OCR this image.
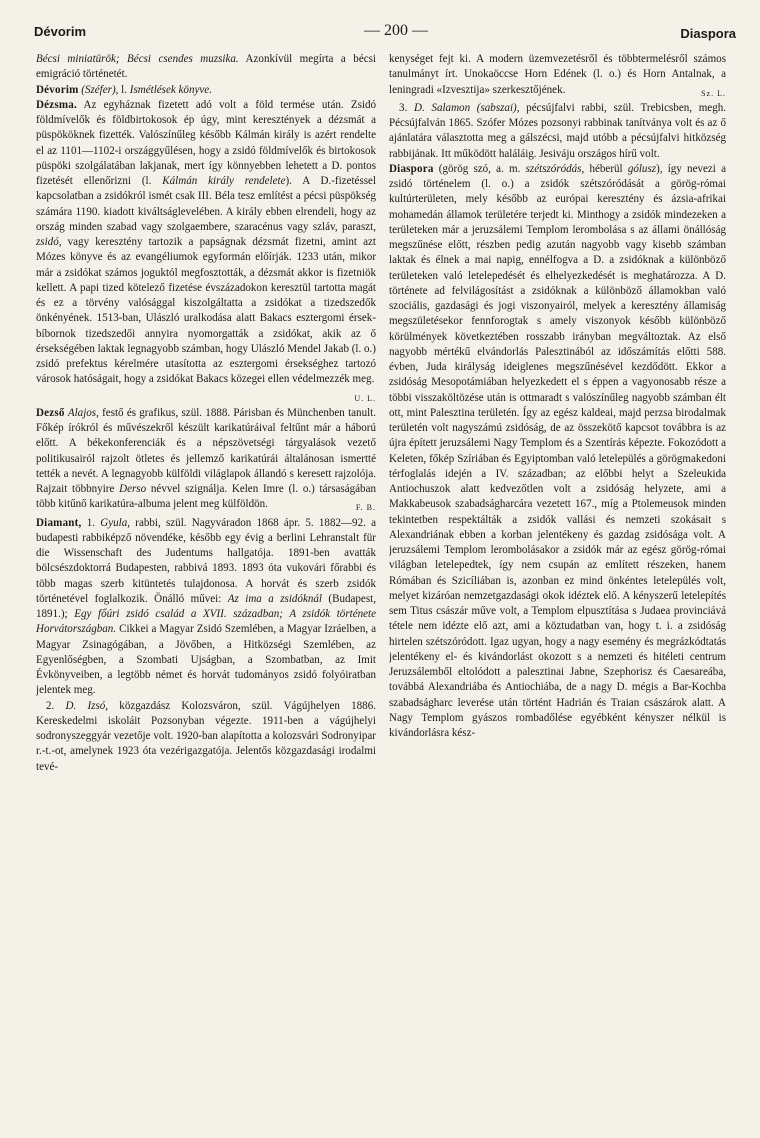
Dévorim	— 200 —	Diaspora

Bécsi miniatürök; Bécsi csendes muzsika. Azonkívül megírta a bécsi emigráció történetét.

Dévorim (Széfer), l. Ismétlések könyve.

Dézsma. Az egyháznak fizetett adó volt a föld termése után. Zsidó földmívelők és földbirtokosok ép úgy, mint keresztények a dézsmát a püspököknek fizették. Valószínűleg később Kálmán király is azért rendelte el az 1101—1102-i országgyűlésen, hogy a zsidó földmívelők és birtokosok püspöki szolgálatában lakjanak, mert így könnyebben lehetett a D. pontos fizetését ellenőrizni (l. Kálmán király rendelete). A D.-fizetéssel kapcsolatban a zsidókról ismét csak III. Béla tesz említést a pécsi püspökség számára 1190. kiadott kiváltságlevelében. A király ebben elrendeli, hogy az ország minden szabad vagy szolgaembere, szaracénus vagy szláv, paraszt, zsidó, vagy keresztény tartozik a papságnak dézsmát fizetni, amint azt Mózes könyve és az evangéliumok egyformán előírják. 1233 után, mikor már a zsidókat számos joguktól megfosztották, a dézsmát akkor is fizetniök kellett. A papi tized kötelező fizetése évszázadokon keresztül tartotta magát és ez a törvény valósággal kiszolgáltatta a zsidókat a tizedszedők önkényének. 1513-ban, Ulászló uralkodása alatt Bakacs esztergomi érsek-bíbornok tizedszedői annyira nyomorgatták a zsidókat, akik az ő érsekségében laktak legnagyobb számban, hogy Ulászló Mendel Jakab (l. o.) zsidó prefektus kérelmére utasította az esztergomi érsekséghez tartozó városok hatóságait, hogy a zsidókat Bakacs közegei ellen védelmezzék meg.
U. L.

Dezső Alajos, festő és grafikus, szül. 1888. Párisban és Münchenben tanult. Főkép írókról és művészekről készült karikatúráival feltűnt már a háború előtt. A békekonferenciák és a népszövetségi tárgyalások vezető politikusairól rajzolt ötletes és jellemző karikatúrái általánosan ismertté tették a nevét. A legnagyobb külföldi világlapok állandó s keresett rajzolója. Rajzait többnyire Derso névvel szignálja. Kelen Imre (l. o.) társaságában több kitűnő karikatúra-albuma jelent meg külföldön.	F. B.

Diamant, 1. Gyula, rabbi, szül. Nagyváradon 1868 ápr. 5. 1882—92. a budapesti rabbiképző növendéke, később egy évig a berlini Lehranstalt für die Wissenschaft des Judentums hallgatója. 1891-ben avatták bölcsészdoktorrá Budapesten, rabbivá 1893. 1893 óta vukovári főrabbi és több magas szerb kitüntetés tulajdonosa. A horvát és szerb zsidók történetével foglalkozik. Önálló művei: Az ima a zsidóknál (Budapest, 1891.); Egy főúri zsidó család a XVII. században; A zsidók története Horvátországban. Cikkei a Magyar Zsidó Szemlében, a Magyar Izráelben, a Magyar Zsinagógában, a Jövőben, a Hitközségi Szemlében, az Egyenlőségben, a Szombati Ujságban, a Szombatban, az Imit Évkönyveiben, a legtöbb német és horvát tudományos zsidó folyóiratban jelentek meg.

2. D. Izsó, közgazdász Kolozsváron, szül. Vágújhelyen 1886. Kereskedelmi iskoláit Pozsonyban végezte. 1911-ben a vágújhelyi sodronyszeggyár vezetője volt. 1920-ban alapította a kolozsvári Sodronyipar r.-t.-ot, amelynek 1923 óta vezérigazgatója. Jelentős közgazdasági irodalmi tevé-

kenységet fejt ki. A modern üzemvezetésről és többtermelésről számos tanulmányt írt. Unokaöccse Horn Edének (l. o.) és Horn Antalnak, a leningradi «Izvesztija» szerkesztőjének.	Sz. L.

3. D. Salamon (sabszai), pécsújfalvi rabbi, szül. Trebicsben, megh. Pécsújfalván 1865. Szófer Mózes pozsonyi rabbinak tanítványa volt és az ő ajánlatára választotta meg a gálszécsi, majd utóbb a pécsújfalvi hitközség rabbijának. Itt működött haláláig. Jesiváju országos hírű volt.

Diaspora (görög szó, a. m. szétszóródás, héberül gólusz), így nevezi a zsidó történelem (l. o.) a zsidók szétszóródását a görög-római kultúrterületen, mely később az európai keresztény és ázsia-afrikai mohamedán államok területére terjedt ki. Minthogy a zsidók mindezeken a területeken már a jeruzsálemi Templom lerombolása s az állami önállóság megszűnése előtt, részben pedig azután nagyobb vagy kisebb számban laktak és élnek a mai napig, ennélfogva a D. a zsidóknak a különböző területeken való letelepedését és elhelyezkedését is meghatározza. A D. története ad felvilágosítást a zsidóknak a különböző államokban való szociális, gazdasági és jogi viszonyairól, melyek a keresztény államiság megszületésekor fennforogtak s amely viszonyok később különböző körülmények következtében rosszabb irányban megváltoztak. Az első nagyobb mértékű elvándorlás Palesztinából az időszámítás előtti 588. évben, Juda királyság ideiglenes megszűnésével kezdődött. Ekkor a zsidóság Mesopotámiában helyezkedett el s éppen a vagyonosabb része a többi visszaköltözése után is ottmaradt s valószínűleg nagyobb számban élt ott, mint Palesztina területén. Így az egész kaldeai, majd perzsa birodalmak területén volt nagyszámú zsidóság, de az összekötő kapcsot továbbra is az újra épített jeruzsálemi Nagy Templom és a Szentírás képezte. Fokozódott a Keleten, főkép Szíriában és Egyiptomban való letelepülés a görögmakedoni térfoglalás idején a IV. században; az előbbi helyt a Szeleukida Antiochuszok alatt kedvezőtlen volt a zsidóság helyzete, ami a Makkabeusok szabadságharcára vezetett 167., míg a Ptolemeusok minden tekintetben respektálták a zsidók vallási és nemzeti szokásait s Alexandriának ebben a korban jelentékeny és gazdag zsidósága volt. A jeruzsálemi Templom lerombolásakor a zsidók már az egész görög-római világban letelepedtek, így nem csupán az említett részeken, hanem Rómában és Szicíliában is, azonban ez mind önkéntes letelepülés volt, melyet kizáróan nemzetgazdasági okok idéztek elő. A kényszerű letelepítés sem Titus császár műve volt, a Templom elpusztítása s Judaea provinciává tétele nem idézte elő azt, ami a köztudatban van, hogy t. i. a zsidóság hirtelen szétszóródott. Igaz ugyan, hogy a nagy esemény és megrázkódtatás jelentékeny el- és kivándorlást okozott s a nemzeti és hitéleti centrum Jeruzsálemből eltolódott a palesztinai Jabne, Szephorisz és Caesareába, továbbá Alexandriába és Antiochiába, de a nagy D. mégis a Bar-Kochba szabadságharc leverése után történt Hadrián és Traian császárok alatt. A Nagy Templom gyászos rombadőlése egyébként kényszer nélkül is kivándorlásra kész-
